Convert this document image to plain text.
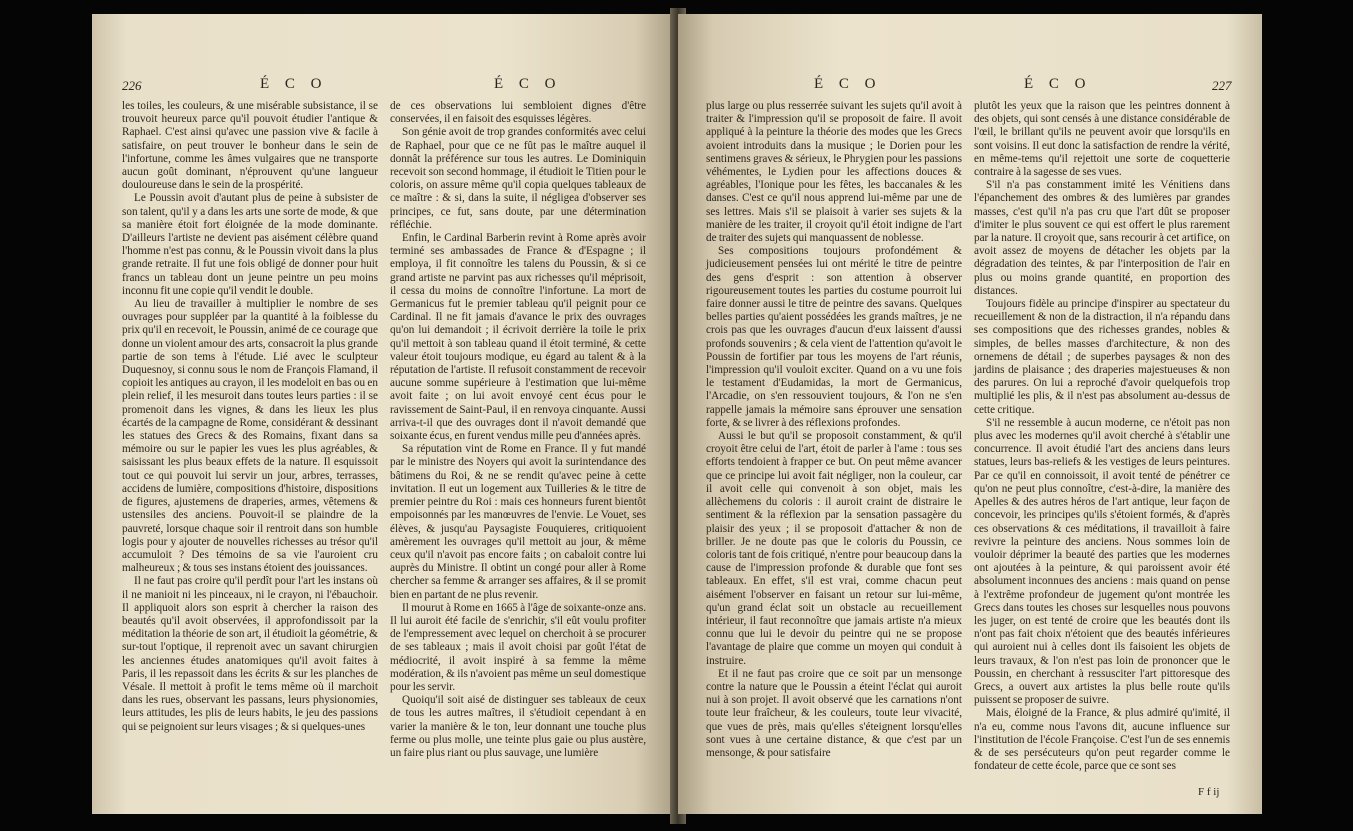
226	É C O	É C O

les toiles, les couleurs, & une misérable subsistance, il se trouvoit heureux parce qu'il pouvoit étudier l'antique & Raphael. C'est ainsi qu'avec une passion vive & facile à satisfaire, on peut trouver le bonheur dans le sein de l'infortune, comme les âmes vulgaires que ne transporte aucun goût dominant, n'éprouvent qu'une langueur douloureuse dans le sein de la prospérité.

Le Poussin avoit d'autant plus de peine à subsister de son talent, qu'il y a dans les arts une sorte de mode, & que sa manière étoit fort éloignée de la mode dominante. D'ailleurs l'artiste ne devient pas aisément célèbre quand l'homme n'est pas connu, & le Poussin vivoit dans la plus grande retraite. Il fut une fois obligé de donner pour huit francs un tableau dont un jeune peintre un peu moins inconnu fit une copie qu'il vendit le double.

Au lieu de travailler à multiplier le nombre de ses ouvrages pour suppléer par la quantité à la foiblesse du prix qu'il en recevoit, le Poussin, animé de ce courage que donne un violent amour des arts, consacroit la plus grande partie de son tems à l'étude. Lié avec le sculpteur Duquesnoy, si connu sous le nom de François Flamand, il copioit les antiques au crayon, il les modeloit en bas ou en plein relief, il les mesuroit dans toutes leurs parties : il se promenoit dans les vignes, & dans les lieux les plus écartés de la campagne de Rome, considérant & dessinant les statues des Grecs & des Romains, fixant dans sa mémoire ou sur le papier les vues les plus agréables, & saisissant les plus beaux effets de la nature. Il esquissoit tout ce qui pouvoit lui servir un jour, arbres, terrasses, accidens de lumière, compositions d'histoire, dispositions de figures, ajustemens de draperies, armes, vêtemens & ustensiles des anciens. Pouvoit-il se plaindre de la pauvreté, lorsque chaque soir il rentroit dans son humble logis pour y ajouter de nouvelles richesses au trésor qu'il accumuloit ? Des témoins de sa vie l'auroient cru malheureux ; & tous ses instans étoient des jouissances.

Il ne faut pas croire qu'il perdît pour l'art les instans où il ne manioit ni les pinceaux, ni le crayon, ni l'ébauchoir. Il appliquoit alors son esprit à chercher la raison des beautés qu'il avoit observées, il approfondissoit par la méditation la théorie de son art, il étudioit la géométrie, & sur-tout l'optique, il reprenoit avec un savant chirurgien les anciennes études anatomiques qu'il avoit faites à Paris, il les repassoit dans les écrits & sur les planches de Vésale. Il mettoit à profit le tems même où il marchoit dans les rues, observant les passans, leurs physionomies, leurs attitudes, les plis de leurs habits, le jeu des passions qui se peignoient sur leurs visages ; & si quelques-unes

de ces observations lui sembloient dignes d'être conservées, il en faisoit des esquisses légères.

Son génie avoit de trop grandes conformités avec celui de Raphael, pour que ce ne fût pas le maître auquel il donnât la préférence sur tous les autres. Le Dominiquin recevoit son second hommage, il étudioit le Titien pour le coloris, on assure même qu'il copia quelques tableaux de ce maître : & si, dans la suite, il négligea d'observer ses principes, ce fut, sans doute, par une détermination réfléchie.

Enfin, le Cardinal Barberin revint à Rome après avoir terminé ses ambassades de France & d'Espagne ; il employa, il fit connoître les talens du Poussin, & si ce grand artiste ne parvint pas aux richesses qu'il méprisoit, il cessa du moins de connoître l'infortune. La mort de Germanicus fut le premier tableau qu'il peignit pour ce Cardinal. Il ne fit jamais d'avance le prix des ouvrages qu'on lui demandoit ; il écrivoit derrière la toile le prix qu'il mettoit à son tableau quand il étoit terminé, & cette valeur étoit toujours modique, eu égard au talent & à la réputation de l'artiste. Il refusoit constamment de recevoir aucune somme supérieure à l'estimation que lui-même avoit faite ; on lui avoit envoyé cent écus pour le ravissement de Saint-Paul, il en renvoya cinquante. Aussi arriva-t-il que des ouvrages dont il n'avoit demandé que soixante écus, en furent vendus mille peu d'années après.

Sa réputation vint de Rome en France. Il y fut mandé par le ministre des Noyers qui avoit la surintendance des bâtimens du Roi, & ne se rendit qu'avec peine à cette invitation. Il eut un logement aux Tuilleries & le titre de premier peintre du Roi : mais ces honneurs furent bientôt empoisonnés par les manœuvres de l'envie. Le Vouet, ses élèves, & jusqu'au Paysagiste Fouquieres, critiquoient amèrement les ouvrages qu'il mettoit au jour, & même ceux qu'il n'avoit pas encore faits ; on cabaloit contre lui auprès du Ministre. Il obtint un congé pour aller à Rome chercher sa femme & arranger ses affaires, & il se promit bien en partant de ne plus revenir.

Il mourut à Rome en 1665 à l'âge de soixante-onze ans. Il lui auroit été facile de s'enrichir, s'il eût voulu profiter de l'empressement avec lequel on cherchoit à se procurer de ses tableaux ; mais il avoit choisi par goût l'état de médiocrité, il avoit inspiré à sa femme la même modération, & ils n'avoient pas même un seul domestique pour les servir.

Quoiqu'il soit aisé de distinguer ses tableaux de ceux de tous les autres maîtres, il s'étudioit cependant à en varier la manière & le ton, leur donnant une touche plus ferme ou plus molle, une teinte plus gaie ou plus austère, un faire plus riant ou plus sauvage, une lumière

É C O	É C O	227

plus large ou plus resserrée suivant les sujets qu'il avoit à traiter & l'impression qu'il se proposoit de faire. Il avoit appliqué à la peinture la théorie des modes que les Grecs avoient introduits dans la musique ; le Dorien pour les sentimens graves & sérieux, le Phrygien pour les passions véhémentes, le Lydien pour les affections douces & agréables, l'Ionique pour les fêtes, les baccanales & les danses. C'est ce qu'il nous apprend lui-même par une de ses lettres. Mais s'il se plaisoit à varier ses sujets & la manière de les traiter, il croyoit qu'il étoit indigne de l'art de traiter des sujets qui manquassent de noblesse.

Ses compositions toujours profondément & judicieusement pensées lui ont mérité le titre de peintre des gens d'esprit : son attention à observer rigoureusement toutes les parties du costume pourroit lui faire donner aussi le titre de peintre des savans. Quelques belles parties qu'aient possédées les grands maîtres, je ne crois pas que les ouvrages d'aucun d'eux laissent d'aussi profonds souvenirs ; & cela vient de l'attention qu'avoit le Poussin de fortifier par tous les moyens de l'art réunis, l'impression qu'il vouloit exciter. Quand on a vu une fois le testament d'Eudamidas, la mort de Germanicus, l'Arcadie, on s'en ressouvient toujours, & l'on ne s'en rappelle jamais la mémoire sans éprouver une sensation forte, & se livrer à des réflexions profondes.

Aussi le but qu'il se proposoit constamment, & qu'il croyoit être celui de l'art, étoit de parler à l'ame : tous ses efforts tendoient à frapper ce but. On peut même avancer que ce principe lui avoit fait négliger, non la couleur, car il avoit celle qui convenoit à son objet, mais les allèchemens du coloris : il auroit craint de distraire le sentiment & la réflexion par la sensation passagère du plaisir des yeux ; il se proposoit d'attacher & non de briller. Je ne doute pas que le coloris du Poussin, ce coloris tant de fois critiqué, n'entre pour beaucoup dans la cause de l'impression profonde & durable que font ses tableaux. En effet, s'il est vrai, comme chacun peut aisément l'observer en faisant un retour sur lui-même, qu'un grand éclat soit un obstacle au recueillement intérieur, il faut reconnoître que jamais artiste n'a mieux connu que lui le devoir du peintre qui ne se propose l'avantage de plaire que comme un moyen qui conduit à instruire.

Et il ne faut pas croire que ce soit par un mensonge contre la nature que le Poussin a éteint l'éclat qui auroit nui à son projet. Il avoit observé que les carnations n'ont toute leur fraîcheur, & les couleurs, toute leur vivacité, que vues de près, mais qu'elles s'éteignent lorsqu'elles sont vues à une certaine distance, & que c'est par un mensonge, & pour satisfaire

plutôt les yeux que la raison que les peintres donnent à des objets, qui sont censés à une distance considérable de l'œil, le brillant qu'ils ne peuvent avoir que lorsqu'ils en sont voisins. Il eut donc la satisfaction de rendre la vérité, en même-tems qu'il rejettoit une sorte de coquetterie contraire à la sagesse de ses vues.

S'il n'a pas constamment imité les Vénitiens dans l'épanchement des ombres & des lumières par grandes masses, c'est qu'il n'a pas cru que l'art dût se proposer d'imiter le plus souvent ce qui est offert le plus rarement par la nature. Il croyoit que, sans recourir à cet artifice, on avoit assez de moyens de détacher les objets par la dégradation des teintes, & par l'interposition de l'air en plus ou moins grande quantité, en proportion des distances.

Toujours fidèle au principe d'inspirer au spectateur du recueillement & non de la distraction, il n'a répandu dans ses compositions que des richesses grandes, nobles & simples, de belles masses d'architecture, & non des ornemens de détail ; de superbes paysages & non des jardins de plaisance ; des draperies majestueuses & non des parures. On lui a reproché d'avoir quelquefois trop multiplié les plis, & il n'est pas absolument au-dessus de cette critique.

S'il ne ressemble à aucun moderne, ce n'étoit pas non plus avec les modernes qu'il avoit cherché à s'établir une concurrence. Il avoit étudié l'art des anciens dans leurs statues, leurs bas-reliefs & les vestiges de leurs peintures. Par ce qu'il en connoissoit, il avoit tenté de pénétrer ce qu'on ne peut plus connoître, c'est-à-dire, la manière des Apelles & des autres héros de l'art antique, leur façon de concevoir, les principes qu'ils s'étoient formés, & d'après ces observations & ces méditations, il travailloit à faire revivre la peinture des anciens. Nous sommes loin de vouloir déprimer la beauté des parties que les modernes ont ajoutées à la peinture, & qui paroissent avoir été absolument inconnues des anciens : mais quand on pense à l'extrême profondeur de jugement qu'ont montrée les Grecs dans toutes les choses sur lesquelles nous pouvons les juger, on est tenté de croire que les beautés dont ils n'ont pas fait choix n'étoient que des beautés inférieures qui auroient nui à celles dont ils faisoient les objets de leurs travaux, & l'on n'est pas loin de prononcer que le Poussin, en cherchant à ressusciter l'art pittoresque des Grecs, a ouvert aux artistes la plus belle route qu'ils puissent se proposer de suivre.

Mais, éloigné de la France, & plus admiré qu'imité, il n'a eu, comme nous l'avons dit, aucune influence sur l'institution de l'école Françoise. C'est l'un de ses ennemis & de ses persécuteurs qu'on peut regarder comme le fondateur de cette école, parce que ce sont ses

F f ij
